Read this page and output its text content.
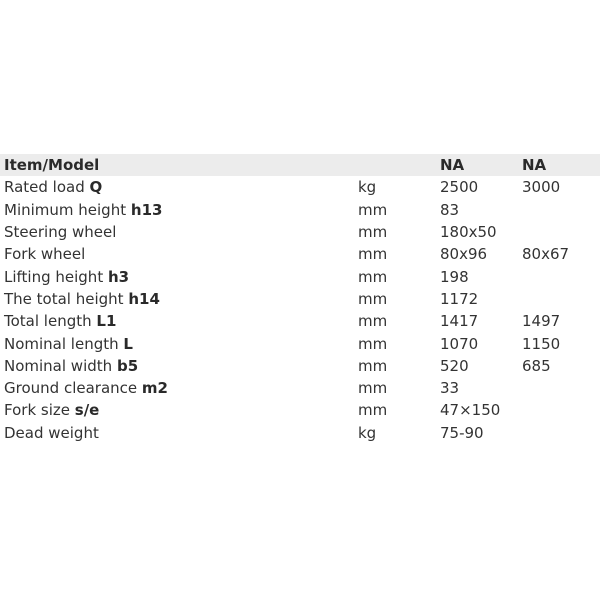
Item/Model		NA	NA
Rated load Q	kg	2500	3000
Minimum height h13	mm	83	
Steering wheel	mm	180x50	
Fork wheel	mm	80x96	80x67
Lifting height h3	mm	198	
The total height h14	mm	1172	
Total length L1	mm	1417	1497
Nominal length L	mm	1070	1150
Nominal width b5	mm	520	685
Ground clearance m2	mm	33	
Fork size s/e	mm	47×150	
Dead weight	kg	75-90	
